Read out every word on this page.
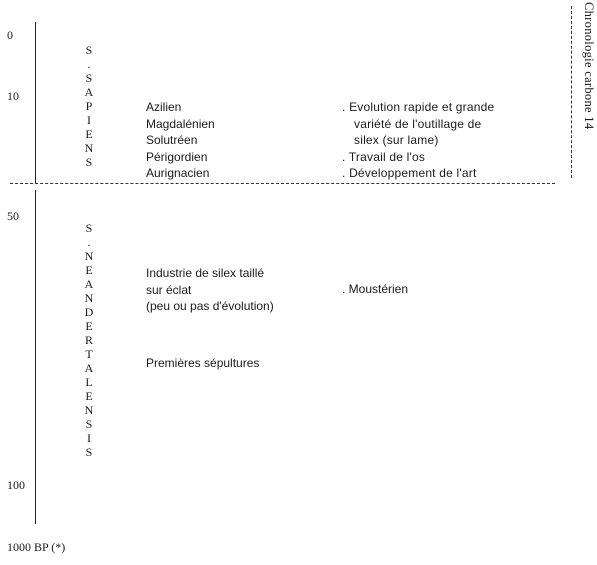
0
10
50
100
1000 BP (*)
Chronologie carbone 14
S
.
S
A
P
I
E
N
S
Azilien
Magdalénien
Solutréen
Périgordien
Aurignacien
. Evolution rapide et grande
variété de l'outillage de
silex (sur lame)
. Travail de l'os
. Développement de l'art
S
.
N
E
A
N
D
E
R
T
A
L
E
N
S
I
S
Industrie de silex taillé
sur éclat
(peu ou pas d'évolution)
. Moustérien
Premières sépultures
